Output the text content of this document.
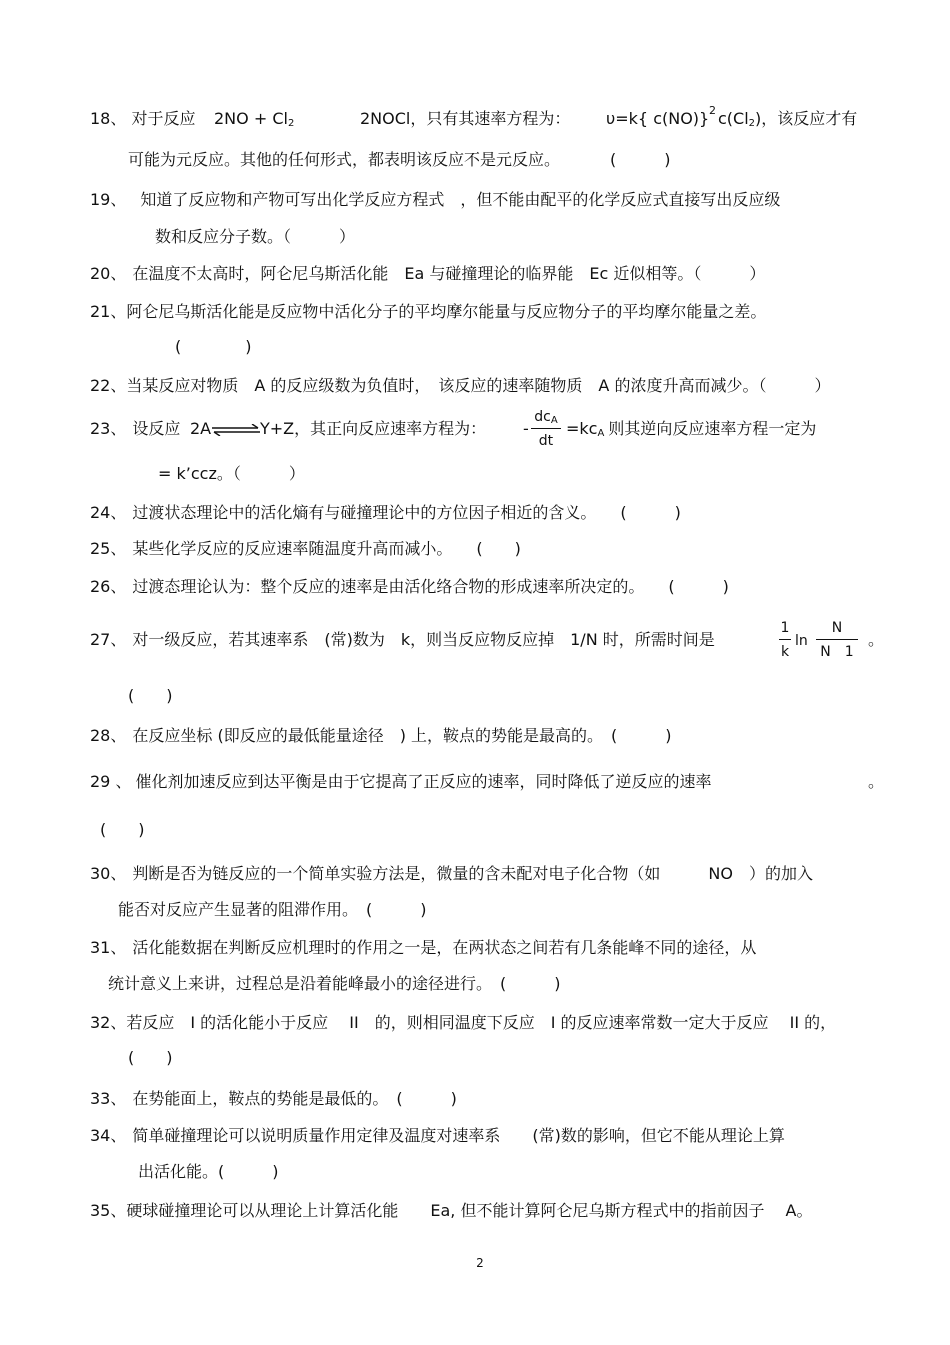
18、 对于反应 $2NO + Cl_2$	2NOCl，只有其速率方程为： υ=k{ c(NO)} 2 $c(Cl_2)$，该反应才有
可能为元反应。其他的任何形式，都表明该反应不是元反应。	(　　　)
19、 知道了反应物和产物可写出化学反应方程式　，但不能由配平的化学反应式直接写出反应级
数和反应分子数。（　　　）
20、 在温度不太高时，阿仑尼乌斯活化能　Ea 与碰撞理论的临界能　Ec 近似相等。（　　　）
21、阿仑尼乌斯活化能是反应物中活化分子的平均摩尔能量与反应物分子的平均摩尔能量之差。
(　　　　)
22、当某反应对物质　A 的反应级数为负值时，　该反应的速率随物质　A 的浓度升高而减少。（　　　）
23、 设反应 2A ⇌ Y+Z，其正向反应速率方程为： -
$dc_A$
dt
$=kc_A$ 则其逆向反应速率方程一定为
= k’ccz。（　　　）
24、 过渡状态理论中的活化熵有与碰撞理论中的方位因子相近的含义。　　(　　　)
25、 某些化学反应的反应速率随温度升高而减小。　　(　　)
26、 过渡态理论认为：整个反应的速率是由活化络合物的形成速率所决定的。　　(　　　)
27、 对一级反应，若其速率系　(常)数为　k，则当反应物反应掉　1/N 时，所需时间是
1
k
ln
N
N　1
。
(　　)
28、 在反应坐标 (即反应的最低能量途径　) 上，鞍点的势能是最高的。　(　　　)
29 、 催化剂加速反应到达平衡是由于它提高了正反应的速率，同时降低了逆反应的速率	。
(　　)
30、 判断是否为链反应的一个简单实验方法是，微量的含未配对电子化合物（如　　　NO　）的加入
能否对反应产生显著的阻滞作用。　(　　　)
31、 活化能数据在判断反应机理时的作用之一是，在两状态之间若有几条能峰不同的途径，从
统计意义上来讲，过程总是沿着能峰最小的途径进行。　(　　　)
32、若反应　I 的活化能小于反应　 II　的，则相同温度下反应　I 的反应速率常数一定大于反应　 II 的，
(　　)
33、 在势能面上，鞍点的势能是最低的。　(　　　)
34、 简单碰撞理论可以说明质量作用定律及温度对速率系　　(常)数的影响，但它不能从理论上算
出活化能。(　　　)
35、硬球碰撞理论可以从理论上计算活化能　　Ea, 但不能计算阿仑尼乌斯方程式中的指前因子　 A。
2
